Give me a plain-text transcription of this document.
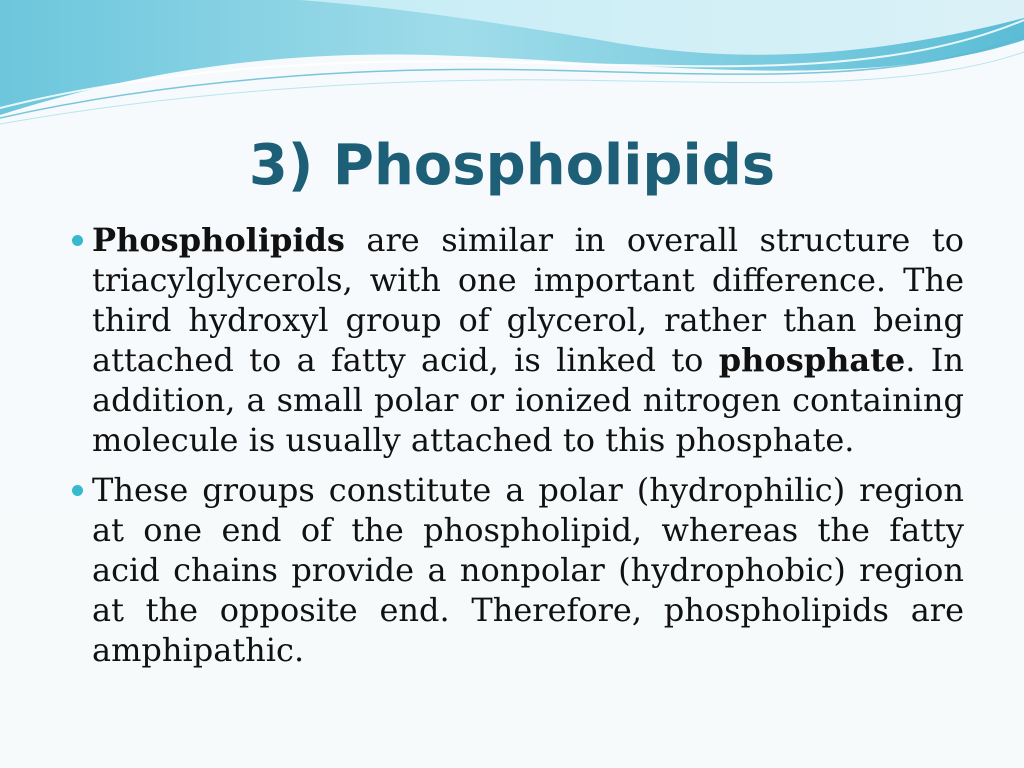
3) Phospholipids
Phospholipids are similar in overall structure to triacylglycerols, with one important difference. The third hydroxyl group of glycerol, rather than being attached to a fatty acid, is linked to phosphate. In addition, a small polar or ionized nitrogen containing molecule is usually attached to this phosphate.
These groups constitute a polar (hydrophilic) region at one end of the phospholipid, whereas the fatty acid chains provide a nonpolar (hydrophobic) region at the opposite end. Therefore, phospholipids are amphipathic.
